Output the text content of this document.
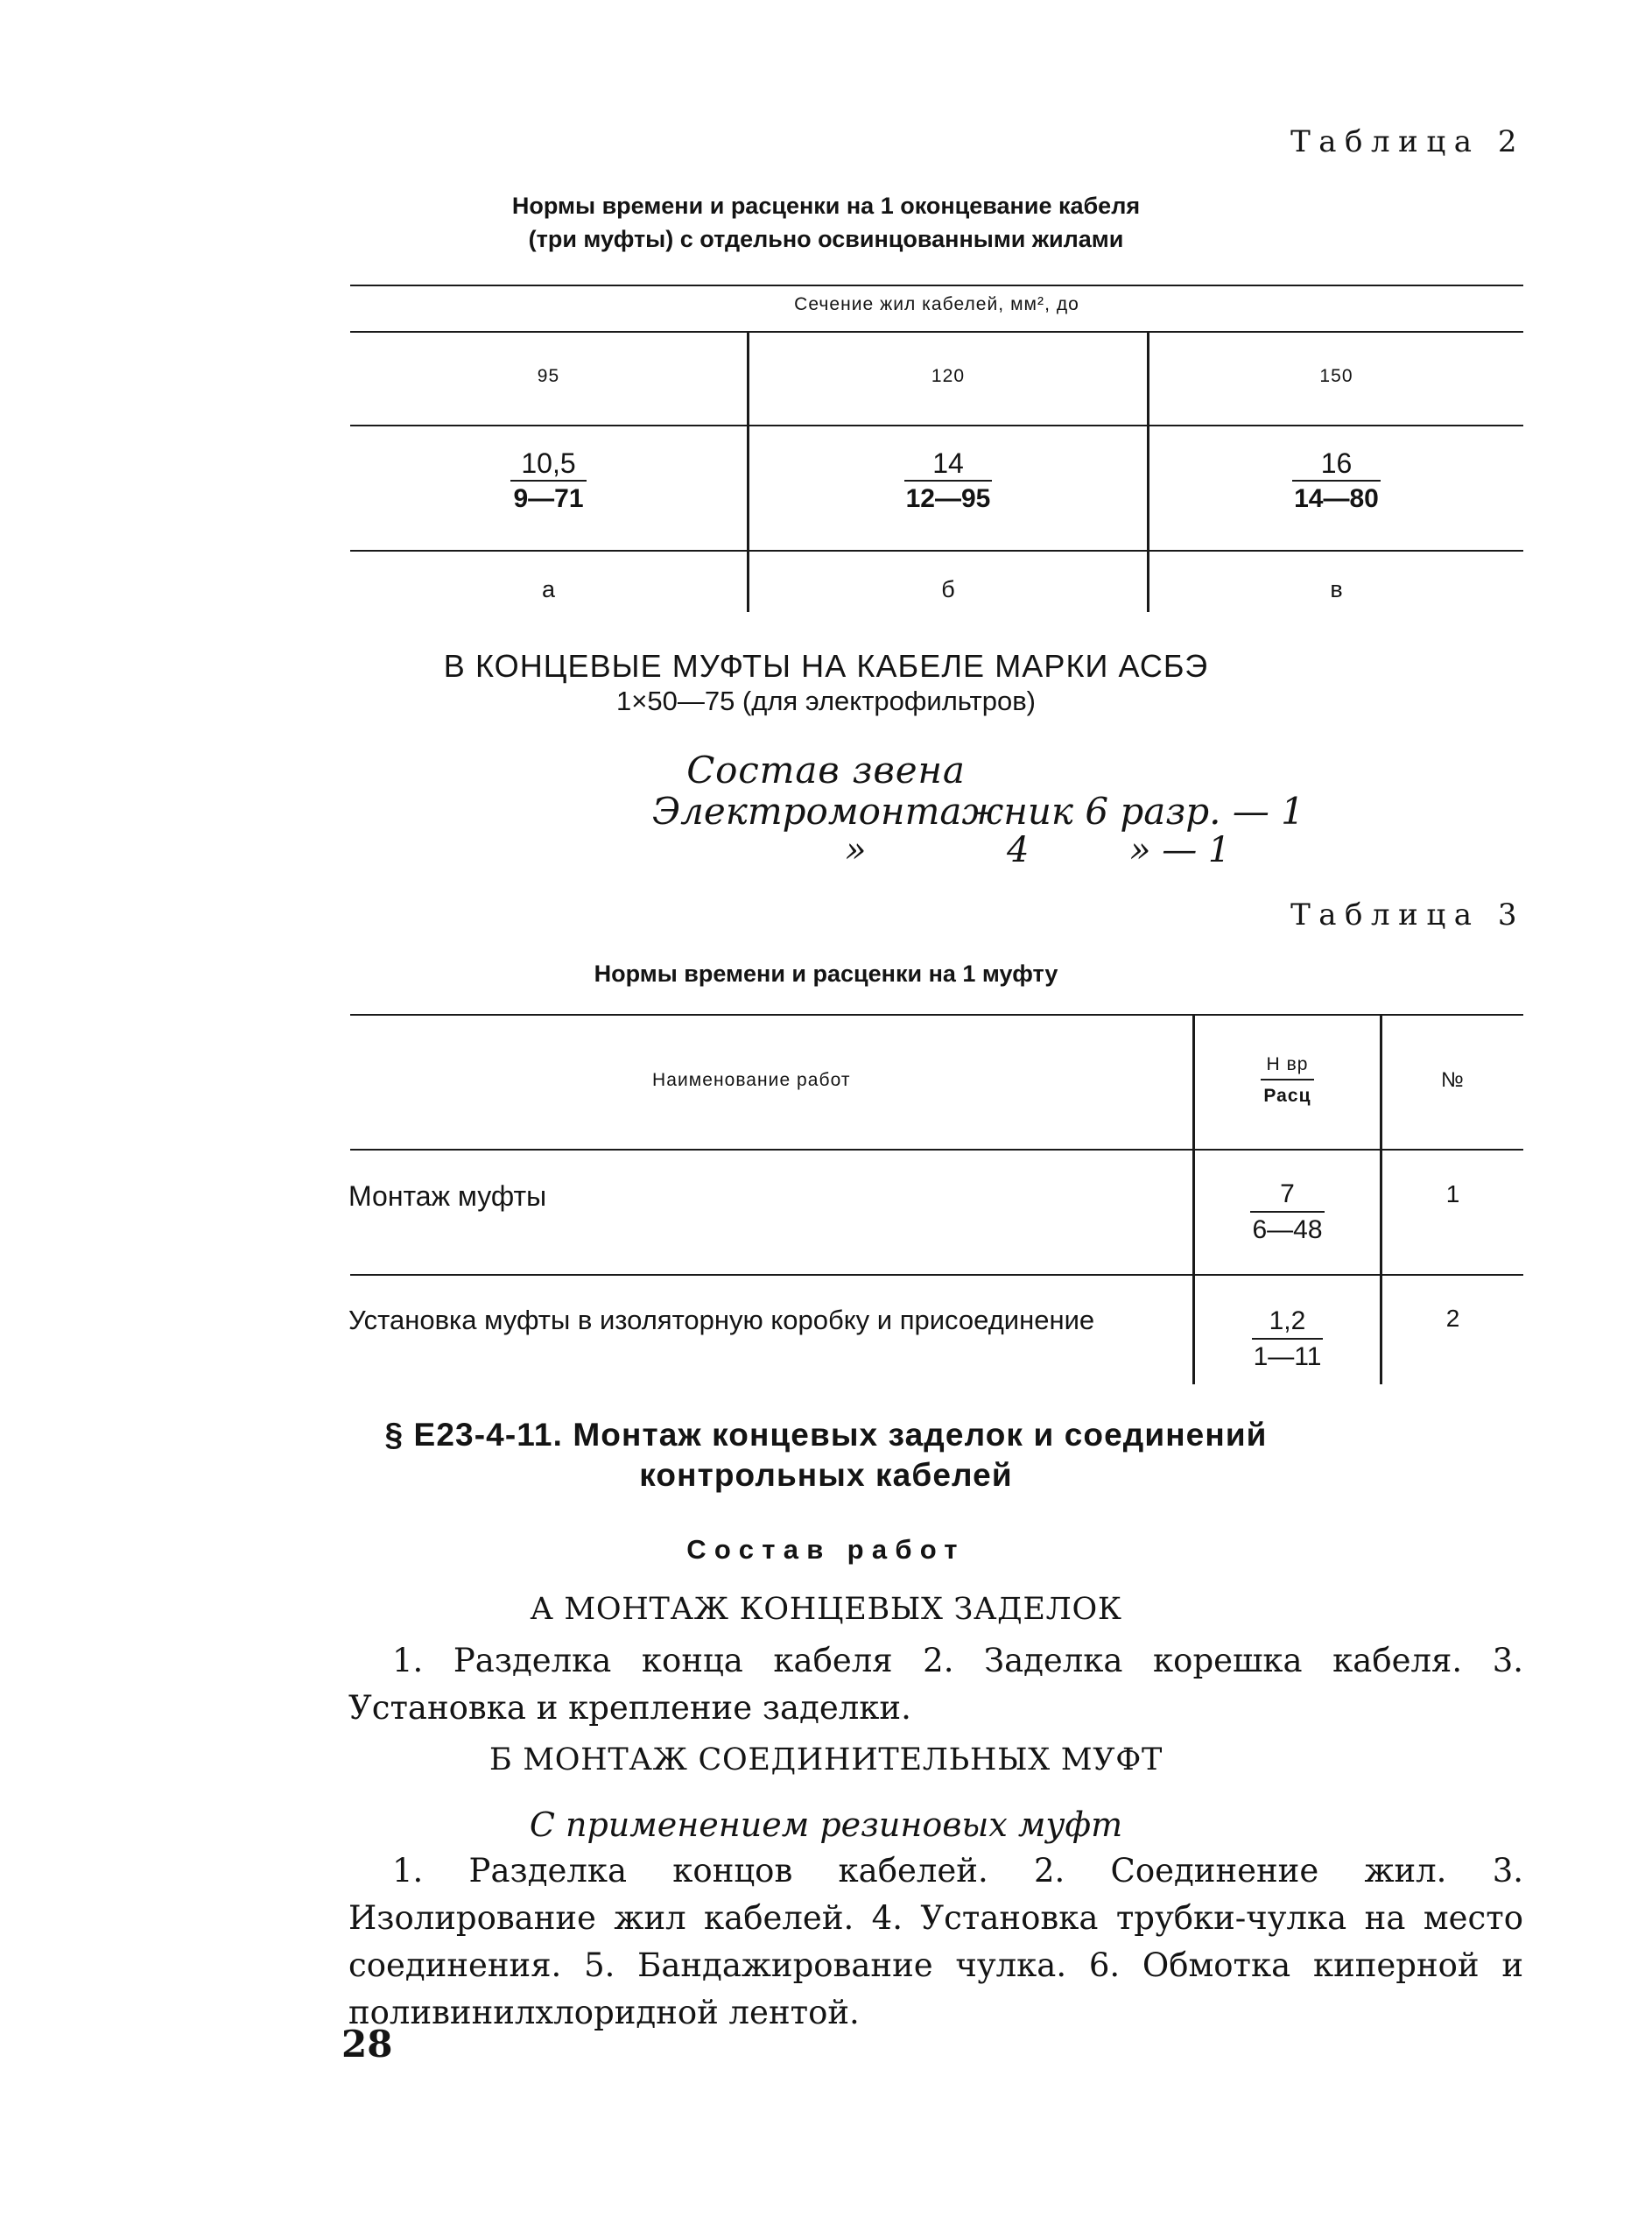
Таблица 2
Нормы времени и расценки на 1 оконцевание кабеля
(три муфты) с отдельно освинцованными жилами
Сечение жил кабелей, мм², до
95	120	150
$\frac{10,5}{9—71}$	$\frac{14}{12—95}$	$\frac{16}{14—80}$
а	б	в
В КОНЦЕВЫЕ МУФТЫ НА КАБЕЛЕ МАРКИ АСБЭ
1×50—75 (для электрофильтров)
Состав звена
Электромонтажник 6 разр. — 1
»	4	» — 1
Таблица 3
Нормы времени и расценки на 1 муфту
Наименование работ	$\frac{\text{Н вр}}{\text{Расц}}$	№
Монтаж муфты	$\frac{7}{6—48}$	1
Установка муфты в изоляторную коробку и присоединение	$\frac{1,2}{1—11}$	2
§ Е23-4-11. Монтаж концевых заделок и соединений
контрольных кабелей
Состав работ
А МОНТАЖ КОНЦЕВЫХ ЗАДЕЛОК
1. Разделка конца кабеля 2. Заделка корешка кабеля. 3. Установка и крепление заделки.
Б МОНТАЖ СОЕДИНИТЕЛЬНЫХ МУФТ
С применением резиновых муфт
1. Разделка концов кабелей. 2. Соединение жил. 3. Изолирование жил кабелей. 4. Установка трубки-чулка на место соединения. 5. Бандажирование чулка. 6. Обмотка киперной и поливинилхлоридной лентой.
28
